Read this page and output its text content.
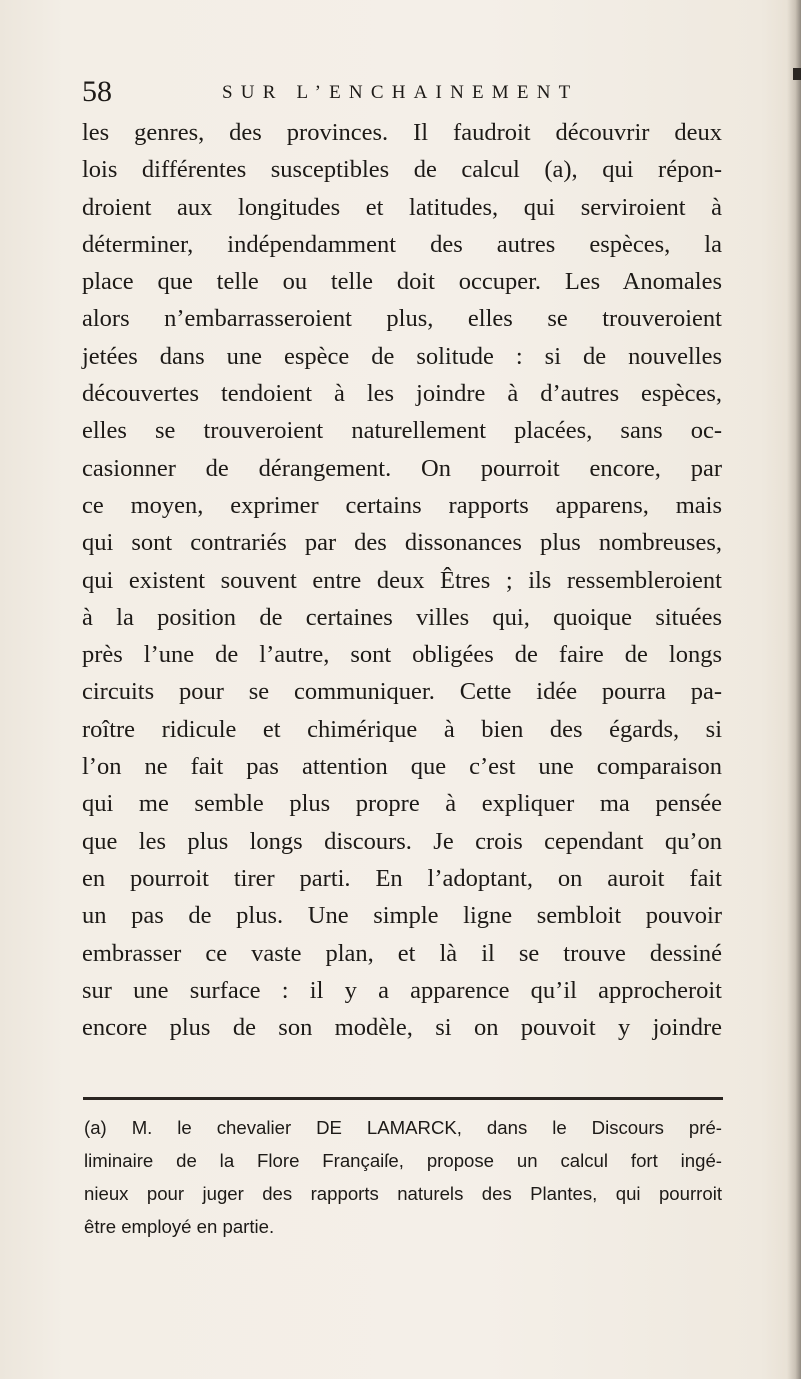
58	SUR L’ENCHAINEMENT
les genres, des provinces. Il faudroit découvrir deux
lois différentes susceptibles de calcul (a), qui répon-
droient aux longitudes et latitudes, qui serviroient à
déterminer, indépendamment des autres espèces, la
place que telle ou telle doit occuper. Les Anomales
alors n’embarrasseroient plus, elles se trouveroient
jetées dans une espèce de solitude : si de nouvelles
découvertes tendoient à les joindre à d’autres espèces,
elles se trouveroient naturellement placées, sans oc-
casionner de dérangement. On pourroit encore, par
ce moyen, exprimer certains rapports apparens, mais
qui sont contrariés par des dissonances plus nombreuses,
qui existent souvent entre deux Êtres ; ils ressembleroient
à la position de certaines villes qui, quoique situées
près l’une de l’autre, sont obligées de faire de longs
circuits pour se communiquer. Cette idée pourra pa-
roître ridicule et chimérique à bien des égards, si
l’on ne fait pas attention que c’est une comparaison
qui me semble plus propre à expliquer ma pensée
que les plus longs discours. Je crois cependant qu’on
en pourroit tirer parti. En l’adoptant, on auroit fait
un pas de plus. Une simple ligne sembloit pouvoir
embrasser ce vaste plan, et là il se trouve dessiné
sur une surface : il y a apparence qu’il approcheroit
encore plus de son modèle, si on pouvoit y joindre
(a) M. le chevalier DE LAMARCK, dans le Discours pré-
liminaire de la Flore Françaiſe, propose un calcul fort ingé-
nieux pour juger des rapports naturels des Plantes, qui pourroit
être employé en partie.
